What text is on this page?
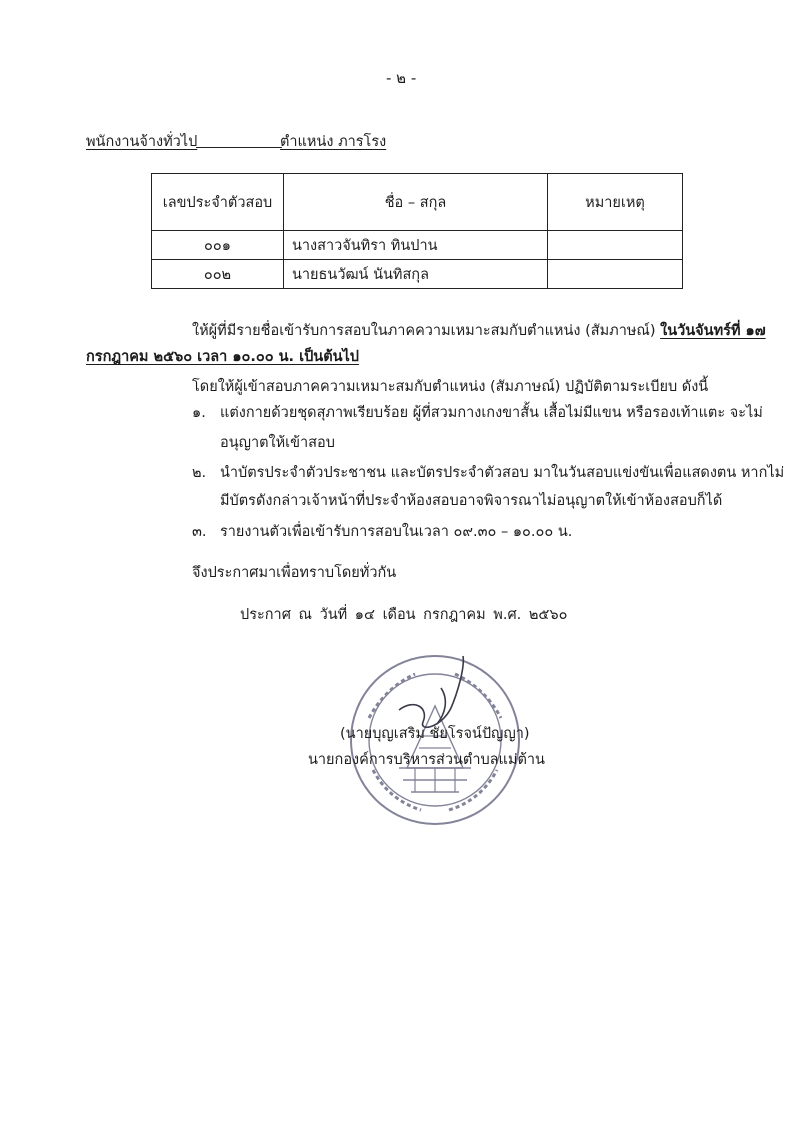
- ๒ -
พนักงานจ้างทั่วไป	ตำแหน่ง ภารโรง
เลขประจำตัวสอบ	ชื่อ – สกุล	หมายเหตุ
๐๐๑	นางสาวจันทิรา ทินปาน	
๐๐๒	นายธนวัฒน์ นันทิสกุล	
ให้ผู้ที่มีรายชื่อเข้ารับการสอบในภาคความเหมาะสมกับตำแหน่ง (สัมภาษณ์) ในวันจันทร์ที่ ๑๗
กรกฎาคม ๒๕๖๐ เวลา ๑๐.๐๐ น. เป็นต้นไป
โดยให้ผู้เข้าสอบภาคความเหมาะสมกับตำแหน่ง (สัมภาษณ์) ปฏิบัติตามระเบียบ ดังนี้
๑. แต่งกายด้วยชุดสุภาพเรียบร้อย ผู้ที่สวมกางเกงขาสั้น เสื้อไม่มีแขน หรือรองเท้าแตะ จะไม่
อนุญาตให้เข้าสอบ
๒. นำบัตรประจำตัวประชาชน และบัตรประจำตัวสอบ มาในวันสอบแข่งขันเพื่อแสดงตน หากไม่
มีบัตรดังกล่าวเจ้าหน้าที่ประจำห้องสอบอาจพิจารณาไม่อนุญาตให้เข้าห้องสอบก็ได้
๓. รายงานตัวเพื่อเข้ารับการสอบในเวลา ๐๙.๓๐ – ๑๐.๐๐ น.
จึงประกาศมาเพื่อทราบโดยทั่วกัน
ประกาศ ณ วันที่ ๑๔ เดือน กรกฎาคม พ.ศ. ๒๕๖๐
(นายบุญเสริม ชัยโรจน์ปัญญา)
นายกองค์การบริหารส่วนตำบลแม่ต้าน
